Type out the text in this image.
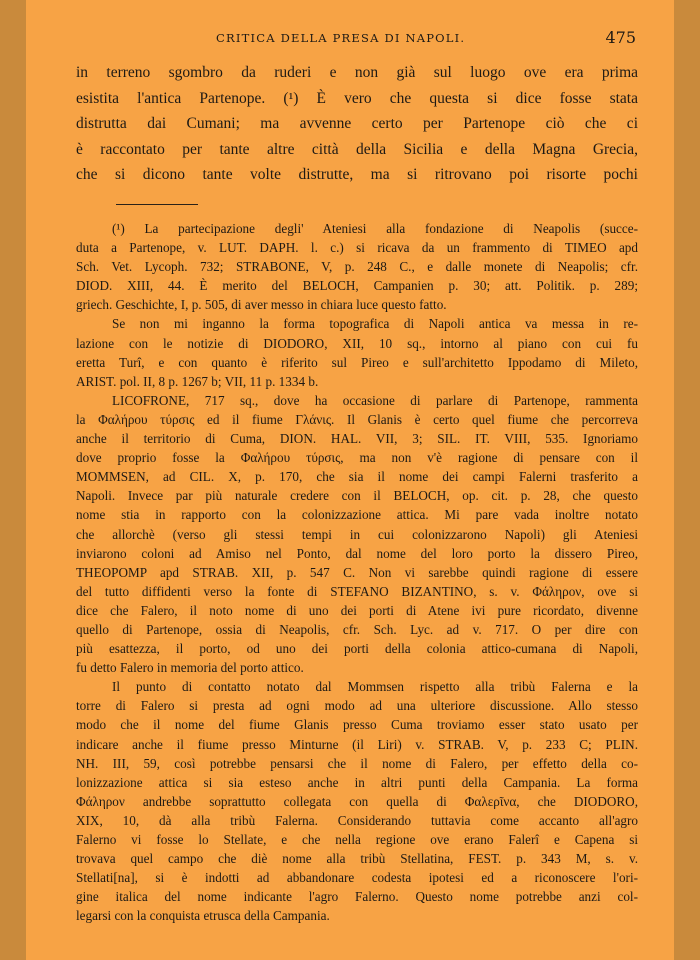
CRITICA DELLA PRESA DI NAPOLI.	475
in terreno sgombro da ruderi e non già sul luogo ove era prima
esistita l'antica Partenope. (¹) È vero che questa si dice fosse stata
distrutta dai Cumani; ma avvenne certo per Partenope ciò che ci
è raccontato per tante altre città della Sicilia e della Magna Grecia,
che si dicono tante volte distrutte, ma si ritrovano poi risorte pochi
(¹) La partecipazione degli' Ateniesi alla fondazione di Neapolis (succe-
duta a Partenope, v. LUT. DAPH. l. c.) si ricava da un frammento di TIMEO apd
Sch. Vet. Lycoph. 732; STRABONE, V, p. 248 C., e dalle monete di Neapolis; cfr.
DIOD. XIII, 44. È merito del BELOCH, Campanien p. 30; att. Politik. p. 289;
griech. Geschichte, I, p. 505, di aver messo in chiara luce questo fatto.
Se non mi inganno la forma topografica di Napoli antica va messa in re-
lazione con le notizie di DIODORO, XII, 10 sq., intorno al piano con cui fu
eretta Turî, e con quanto è riferito sul Pireo e sull'architetto Ippodamo di Mileto,
ARIST. pol. II, 8 p. 1267 b; VII, 11 p. 1334 b.
LICOFRONE, 717 sq., dove ha occasione di parlare di Partenope, rammenta
la Φαλήρου τύρσις ed il fiume Γλάνις. Il Glanis è certo quel fiume che percorreva
anche il territorio di Cuma, DION. HAL. VII, 3; SIL. IT. VIII, 535. Ignoriamo
dove proprio fosse la Φαλήρου τύρσις, ma non v'è ragione di pensare con il
MOMMSEN, ad CIL. X, p. 170, che sia il nome dei campi Falerni trasferito a
Napoli. Invece par più naturale credere con il BELOCH, op. cit. p. 28, che questo
nome stia in rapporto con la colonizzazione attica. Mi pare vada inoltre notato
che allorchè (verso gli stessi tempi in cui colonizzarono Napoli) gli Ateniesi
inviarono coloni ad Amiso nel Ponto, dal nome del loro porto la dissero Pireo,
THEOPOMP apd STRAB. XII, p. 547 C. Non vi sarebbe quindi ragione di essere
del tutto diffidenti verso la fonte di STEFANO BIZANTINO, s. v. Φάληρον, ove si
dice che Falero, il noto nome di uno dei porti di Atene ivi pure ricordato, divenne
quello di Partenope, ossia di Neapolis, cfr. Sch. Lyc. ad v. 717. O per dire con
più esattezza, il porto, od uno dei porti della colonia attico-cumana di Napoli,
fu detto Falero in memoria del porto attico.
Il punto di contatto notato dal Mommsen rispetto alla tribù Falerna e la
torre di Falero si presta ad ogni modo ad una ulteriore discussione. Allo stesso
modo che il nome del fiume Glanis presso Cuma troviamo esser stato usato per
indicare anche il fiume presso Minturne (il Liri) v. STRAB. V, p. 233 C; PLIN.
NH. III, 59, così potrebbe pensarsi che il nome di Falero, per effetto della co-
lonizzazione attica si sia esteso anche in altri punti della Campania. La forma
Φάληρον andrebbe soprattutto collegata con quella di Φαλερῖνα, che DIODORO,
XIX, 10, dà alla tribù Falerna. Considerando tuttavia come accanto all'agro
Falerno vi fosse lo Stellate, e che nella regione ove erano Falerî e Capena si
trovava quel campo che diè nome alla tribù Stellatina, FEST. p. 343 M, s. v.
Stellati[na], si è indotti ad abbandonare codesta ipotesi ed a riconoscere l'ori-
gine italica del nome indicante l'agro Falerno. Questo nome potrebbe anzi col-
legarsi con la conquista etrusca della Campania.
